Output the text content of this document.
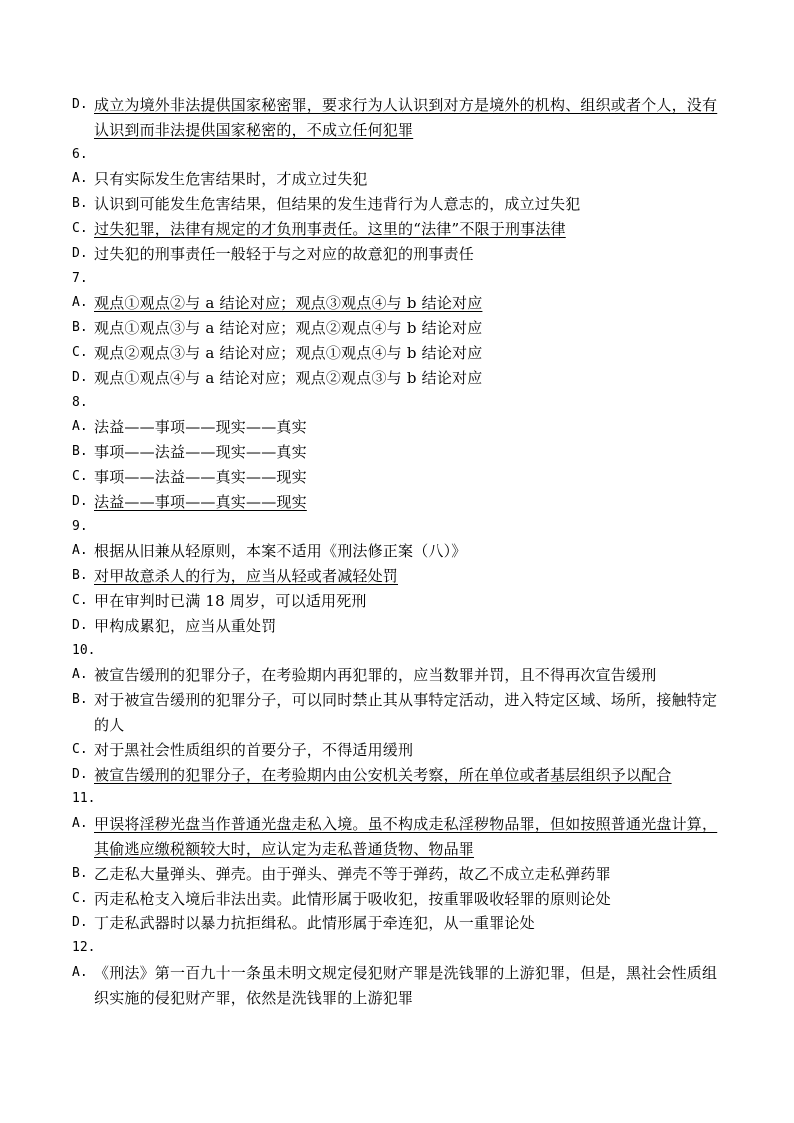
D. 成立为境外非法提供国家秘密罪，要求行为人认识到对方是境外的机构、组织或者个人，没有认识到而非法提供国家秘密的，不成立任何犯罪
6.
A. 只有实际发生危害结果时，才成立过失犯
B. 认识到可能发生危害结果，但结果的发生违背行为人意志的，成立过失犯
C. 过失犯罪，法律有规定的才负刑事责任。这里的“法律”不限于刑事法律
D. 过失犯的刑事责任一般轻于与之对应的故意犯的刑事责任
7.
A. 观点①观点②与 a 结论对应；观点③观点④与 b 结论对应
B. 观点①观点③与 a 结论对应；观点②观点④与 b 结论对应
C. 观点②观点③与 a 结论对应；观点①观点④与 b 结论对应
D. 观点①观点④与 a 结论对应；观点②观点③与 b 结论对应
8.
A. 法益——事项——现实——真实
B. 事项——法益——现实——真实
C. 事项——法益——真实——现实
D. 法益——事项——真实——现实
9.
A. 根据从旧兼从轻原则，本案不适用《刑法修正案（八）》
B. 对甲故意杀人的行为，应当从轻或者减轻处罚
C. 甲在审判时已满 18 周岁，可以适用死刑
D. 甲构成累犯，应当从重处罚
10.
A. 被宣告缓刑的犯罪分子，在考验期内再犯罪的，应当数罪并罚，且不得再次宣告缓刑
B. 对于被宣告缓刑的犯罪分子，可以同时禁止其从事特定活动，进入特定区域、场所，接触特定的人
C. 对于黑社会性质组织的首要分子，不得适用缓刑
D. 被宣告缓刑的犯罪分子，在考验期内由公安机关考察，所在单位或者基层组织予以配合
11.
A. 甲误将淫秽光盘当作普通光盘走私入境。虽不构成走私淫秽物品罪，但如按照普通光盘计算，其偷逃应缴税额较大时，应认定为走私普通货物、物品罪
B. 乙走私大量弹头、弹壳。由于弹头、弹壳不等于弹药，故乙不成立走私弹药罪
C. 丙走私枪支入境后非法出卖。此情形属于吸收犯，按重罪吸收轻罪的原则论处
D. 丁走私武器时以暴力抗拒缉私。此情形属于牵连犯，从一重罪论处
12.
A. 《刑法》第一百九十一条虽未明文规定侵犯财产罪是洗钱罪的上游犯罪，但是，黑社会性质组织实施的侵犯财产罪，依然是洗钱罪的上游犯罪
